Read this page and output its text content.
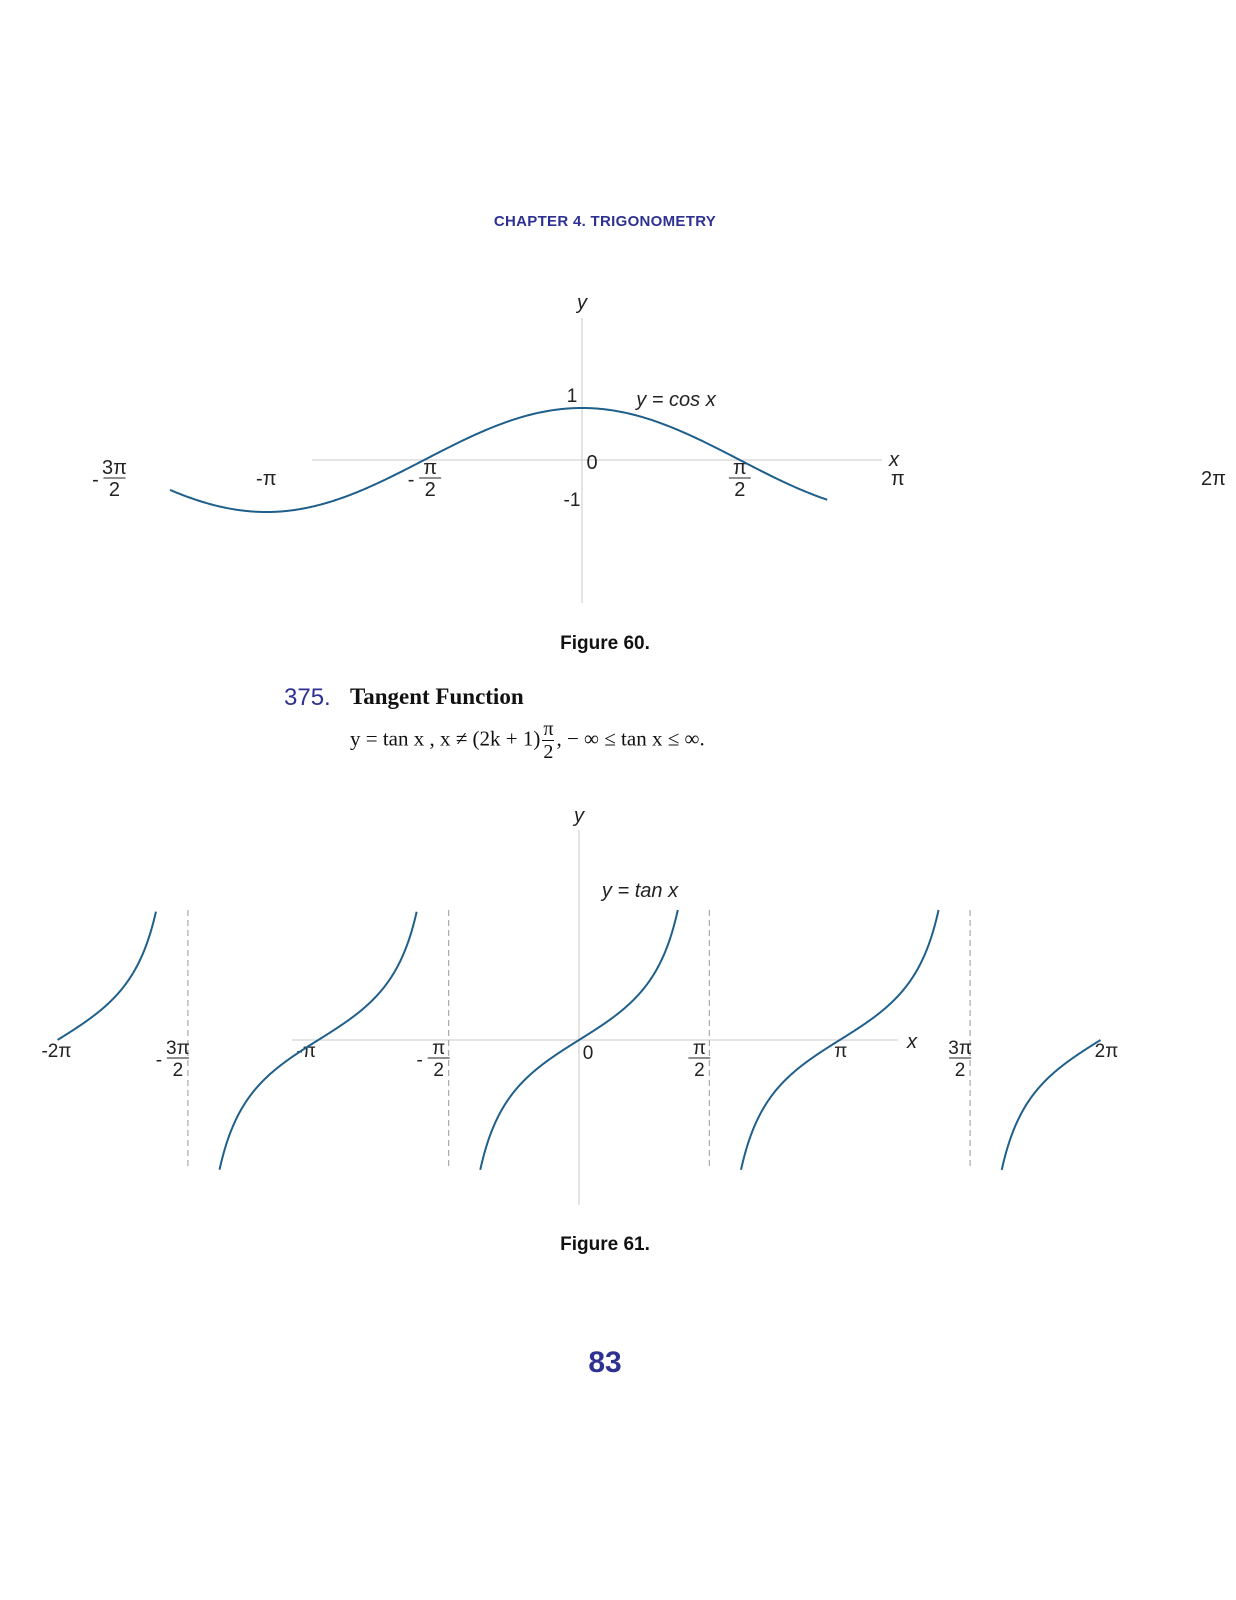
CHAPTER 4. TRIGONOMETRY
x
y
y = cos x
1
-1
3π
2
-	-π	π
2
-
0	π
2	π	2π
Figure 60.
375. Tangent Function
y = tan x , $x \ne (2k + 1) \frac{\pi}{2}$ , − ∞ ≤ tan x ≤ ∞.
x
y
y = tan x
-2π	3π
2
-	-π	π
2
-	0	π
2
π	3π
2
2π
Figure 61.
83
